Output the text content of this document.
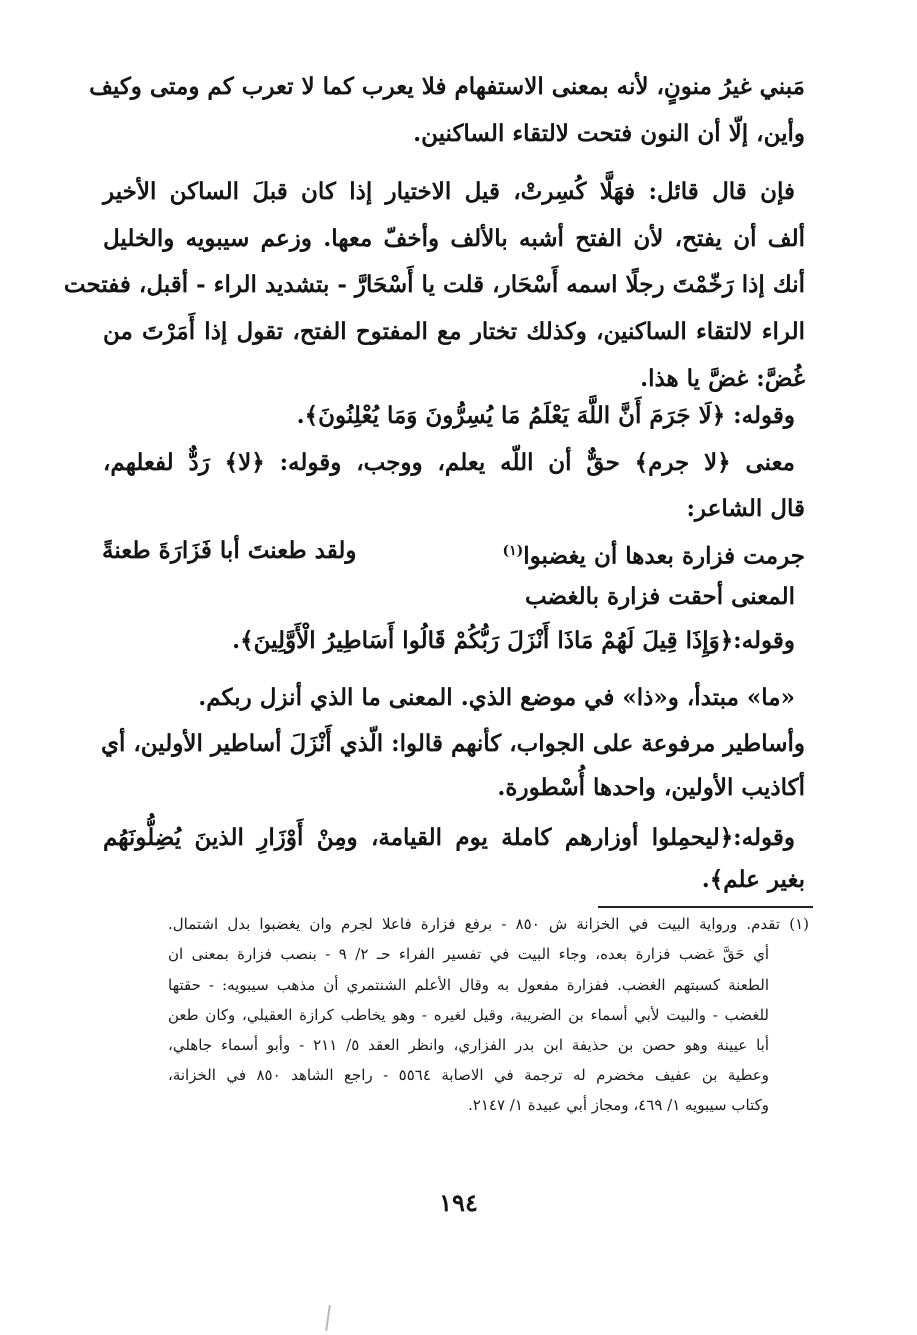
مَبني غيرُ منونٍ، لأنه بمعنى الاستفهام فلا يعرب كما لا تعرب كم ومتى وكيف
وأين، إلّا أن النون فتحت لالتقاء الساكنين.
فإن قال قائل: فهَلَّا كُسِرتْ، قيل الاختيار إذا كان قبلَ الساكن الأخير
ألف أن يفتح، لأن الفتح أشبه بالألف وأخفّ معها. وزعم سيبويه والخليل
أنك إذا رَخّمْتَ رجلًا اسمه أَسْحَار، قلت يا أَسْحَارَّ - بتشديد الراء - أقبل، ففتحت
الراء لالتقاء الساكنين، وكذلك تختار مع المفتوح الفتح، تقول إذا أَمَرْتَ من
غُضَّ: غضَّ يا هذا.
وقوله: ﴿لَا جَرَمَ أَنَّ اللَّهَ يَعْلَمُ مَا يُسِرُّونَ وَمَا يُعْلِنُونَ﴾.
معنى ﴿لا جرم﴾ حقٌّ أن اللّه يعلم، ووجب، وقوله: ﴿لا﴾ رَدٌّ لفعلهم،
قال الشاعر:
جرمت فزارة بعدها أن يغضبوا$^{(١)}$
ولقد طعنتَ أبا فَزَارَةَ طعنةً
المعنى أحقت فزارة بالغضب
وقوله:﴿وَإِذَا قِيلَ لَهُمْ مَاذَا أَنْزَلَ رَبُّكُمْ قَالُوا أَسَاطِيرُ الْأَوَّلِينَ﴾.
«ما» مبتدأ، و«ذا» في موضع الذي. المعنى ما الذي أنزل ربكم.
وأساطير مرفوعة على الجواب، كأنهم قالوا: الّذي أَنْزَلَ أساطير الأولين، أي
أكاذيب الأولين، واحدها أُسْطورة.
وقوله:﴿ليحمِلوا أوزارهم كاملة يوم القيامة، ومِنْ أَوْزَارِ الذينَ يُضِلُّونَهُم
بغير علم﴾.
(١) تقدم. ورواية البيت في الخزانة ش ٨٥٠ - برفع فزارة فاعلا لجرم وان يغضبوا بدل اشتمال.
أي حَقَّ غضب فزارة بعده، وجاء البيت في تفسير الفراء حـ ٢/ ٩ - بنصب فزارة بمعنى ان
الطعنة كسبتهم الغضب. ففزارة مفعول به وقال الأعلم الشنتمري أن مذهب سيبويه: - حقتها
للغضب - والبيت لأبي أسماء بن الضريبة، وقيل لغيره - وهو يخاطب كرازة العقيلي، وكان طعن
أبا عيينة وهو حصن بن حذيفة ابن بدر الفزاري، وانظر العقد ٥/ ٢١١ - وأبو أسماء جاهلي،
وعطية بن عفيف مخضرم له ترجمة في الاصابة ٥٥٦٤ - راجع الشاهد ٨٥٠ في الخزانة،
وكتاب سيبويه ١/ ٤٦٩، ومجاز أبي عبيدة ١/ ٢١٤٧.
١٩٤
